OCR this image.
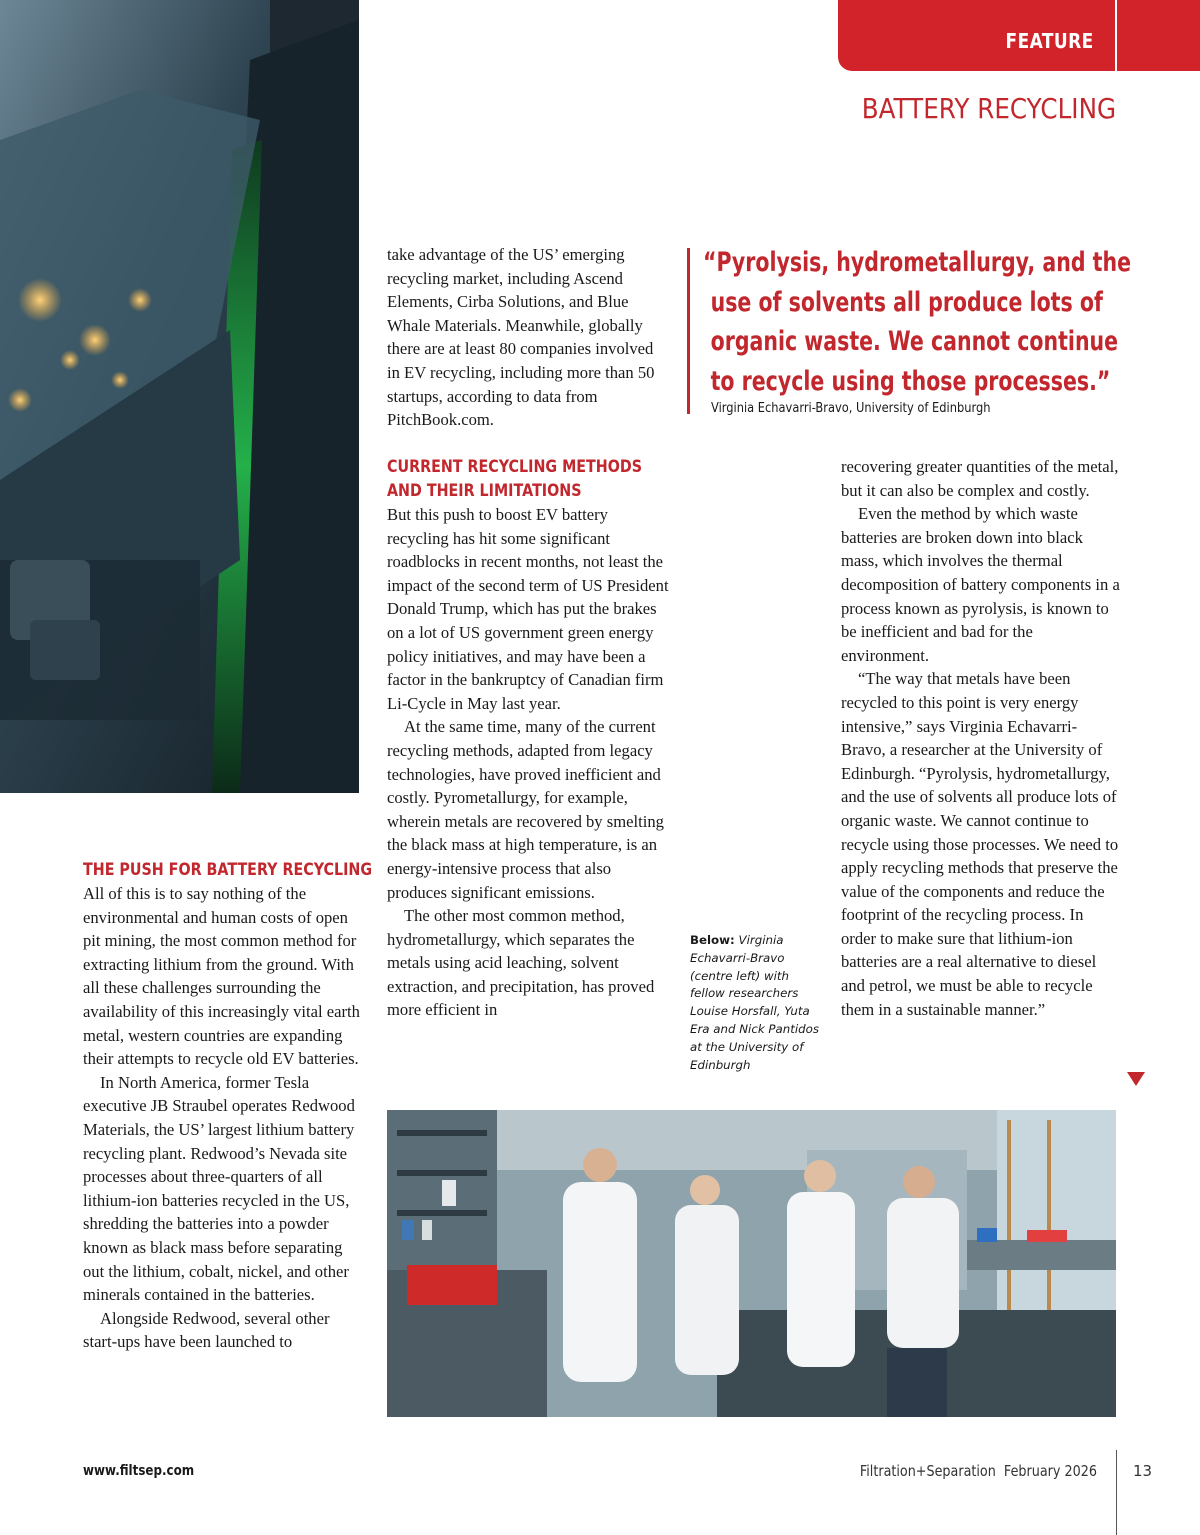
FEATURE
BATTERY RECYCLING

take advantage of the US’ emerging recycling market, including Ascend Elements, Cirba Solutions, and Blue Whale Materials. Meanwhile, globally there are at least 80 companies involved in EV recycling, including more than 50 startups, according to data from PitchBook.com.

“Pyrolysis, hydrometallurgy, and the
use of solvents all produce lots of
organic waste. We cannot continue
to recycle using those processes.”
Virginia Echavarri-Bravo, University of Edinburgh
THE PUSH FOR BATTERY RECYCLING

All of this is to say nothing of the environmental and human costs of open pit mining, the most common method for extracting lithium from the ground. With all these challenges surrounding the availability of this increasingly vital earth metal, western countries are expanding their attempts to recycle old EV batteries.

In North America, former Tesla executive JB Straubel operates Redwood Materials, the US’ largest lithium battery recycling plant. Redwood’s Nevada site processes about three-quarters of all lithium-ion batteries recycled in the US, shredding the batteries into a powder known as black mass before separating out the lithium, cobalt, nickel, and other minerals contained in the batteries.

Alongside Redwood, several other start-ups have been launched to

CURRENT RECYCLING METHODS
AND THEIR LIMITATIONS

But this push to boost EV battery recycling has hit some significant roadblocks in recent months, not least the impact of the second term of US President Donald Trump, which has put the brakes on a lot of US government green energy policy initiatives, and may have been a factor in the bankruptcy of Canadian firm Li-Cycle in May last year.

At the same time, many of the current recycling methods, adapted from legacy technologies, have proved inefficient and costly. Pyrometallurgy, for example, wherein metals are recovered by smelting the black mass at high temperature, is an energy-intensive process that also produces significant emissions.

The other most common method, hydrometallurgy, which separates the metals using acid leaching, solvent extraction, and precipitation, has proved more efficient in

recovering greater quantities of the metal, but it can also be complex and costly.

Even the method by which waste batteries are broken down into black mass, which involves the thermal decomposition of battery components in a process known as pyrolysis, is known to be inefficient and bad for the environment.

“The way that metals have been recycled to this point is very energy intensive,” says Virginia Echavarri-Bravo, a researcher at the University of Edinburgh. “Pyrolysis, hydrometallurgy, and the use of solvents all produce lots of organic waste. We cannot continue to recycle using those processes. We need to apply recycling methods that preserve the value of the components and reduce the footprint of the recycling process. In order to make sure that lithium-ion batteries are a real alternative to diesel and petrol, we must be able to recycle them in a sustainable manner.”

Below: Virginia Echavarri-Bravo (centre left) with fellow researchers Louise Horsfall, Yuta Era and Nick Pantidos at the University of Edinburgh
www.filtsep.com	Filtration+Separation February 2026 13
